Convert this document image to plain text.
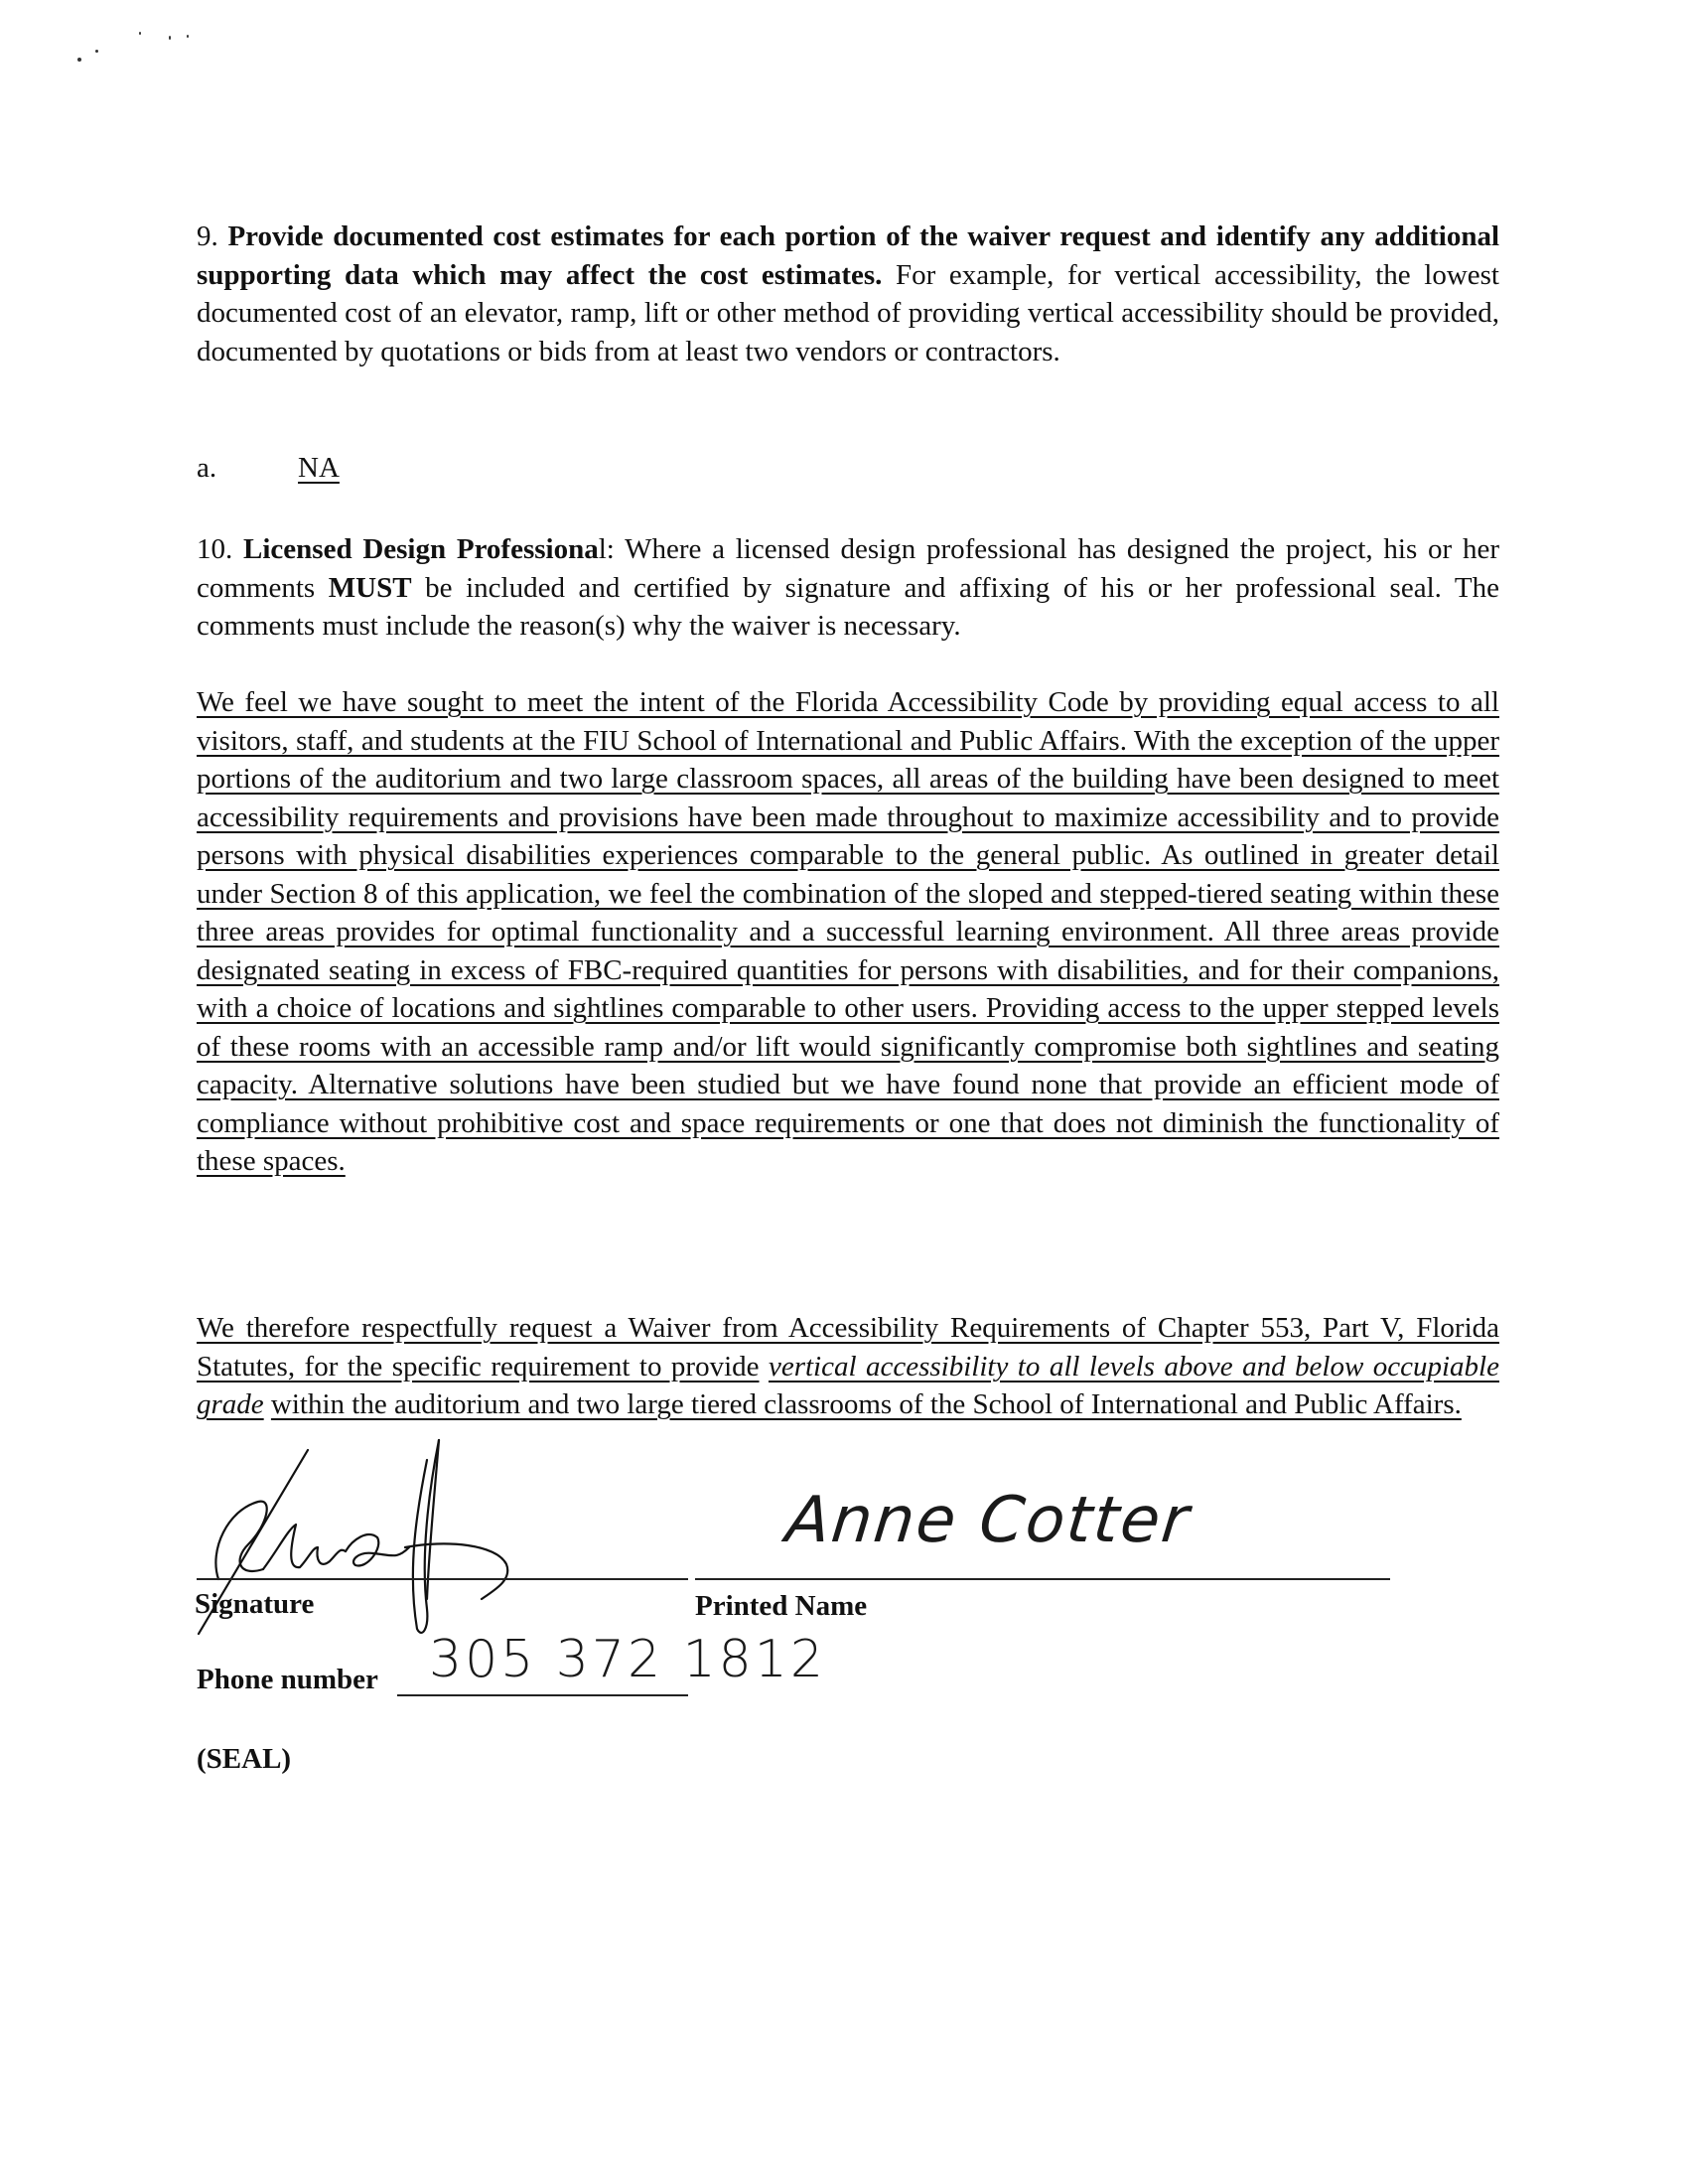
9. Provide documented cost estimates for each portion of the waiver request and identify any additional supporting data which may affect the cost estimates. For example, for vertical accessibility, the lowest documented cost of an elevator, ramp, lift or other method of providing vertical accessibility should be provided, documented by quotations or bids from at least two vendors or contractors.
a.	NA
10. Licensed Design Professional: Where a licensed design professional has designed the project, his or her comments MUST be included and certified by signature and affixing of his or her professional seal. The comments must include the reason(s) why the waiver is necessary.
We feel we have sought to meet the intent of the Florida Accessibility Code by providing equal access to all visitors, staff, and students at the FIU School of International and Public Affairs. With the exception of the upper portions of the auditorium and two large classroom spaces, all areas of the building have been designed to meet accessibility requirements and provisions have been made throughout to maximize accessibility and to provide persons with physical disabilities experiences comparable to the general public. As outlined in greater detail under Section 8 of this application, we feel the combination of the sloped and stepped-tiered seating within these three areas provides for optimal functionality and a successful learning environment. All three areas provide designated seating in excess of FBC-required quantities for persons with disabilities, and for their companions, with a choice of locations and sightlines comparable to other users. Providing access to the upper stepped levels of these rooms with an accessible ramp and/or lift would significantly compromise both sightlines and seating capacity. Alternative solutions have been studied but we have found none that provide an efficient mode of compliance without prohibitive cost and space requirements or one that does not diminish the functionality of these spaces.
We therefore respectfully request a Waiver from Accessibility Requirements of Chapter 553, Part V, Florida Statutes, for the specific requirement to provide vertical accessibility to all levels above and below occupiable grade within the auditorium and two large tiered classrooms of the School of International and Public Affairs.
Anne Cotter
Signature	Printed Name
Phone number 305 372 1812
(SEAL)
